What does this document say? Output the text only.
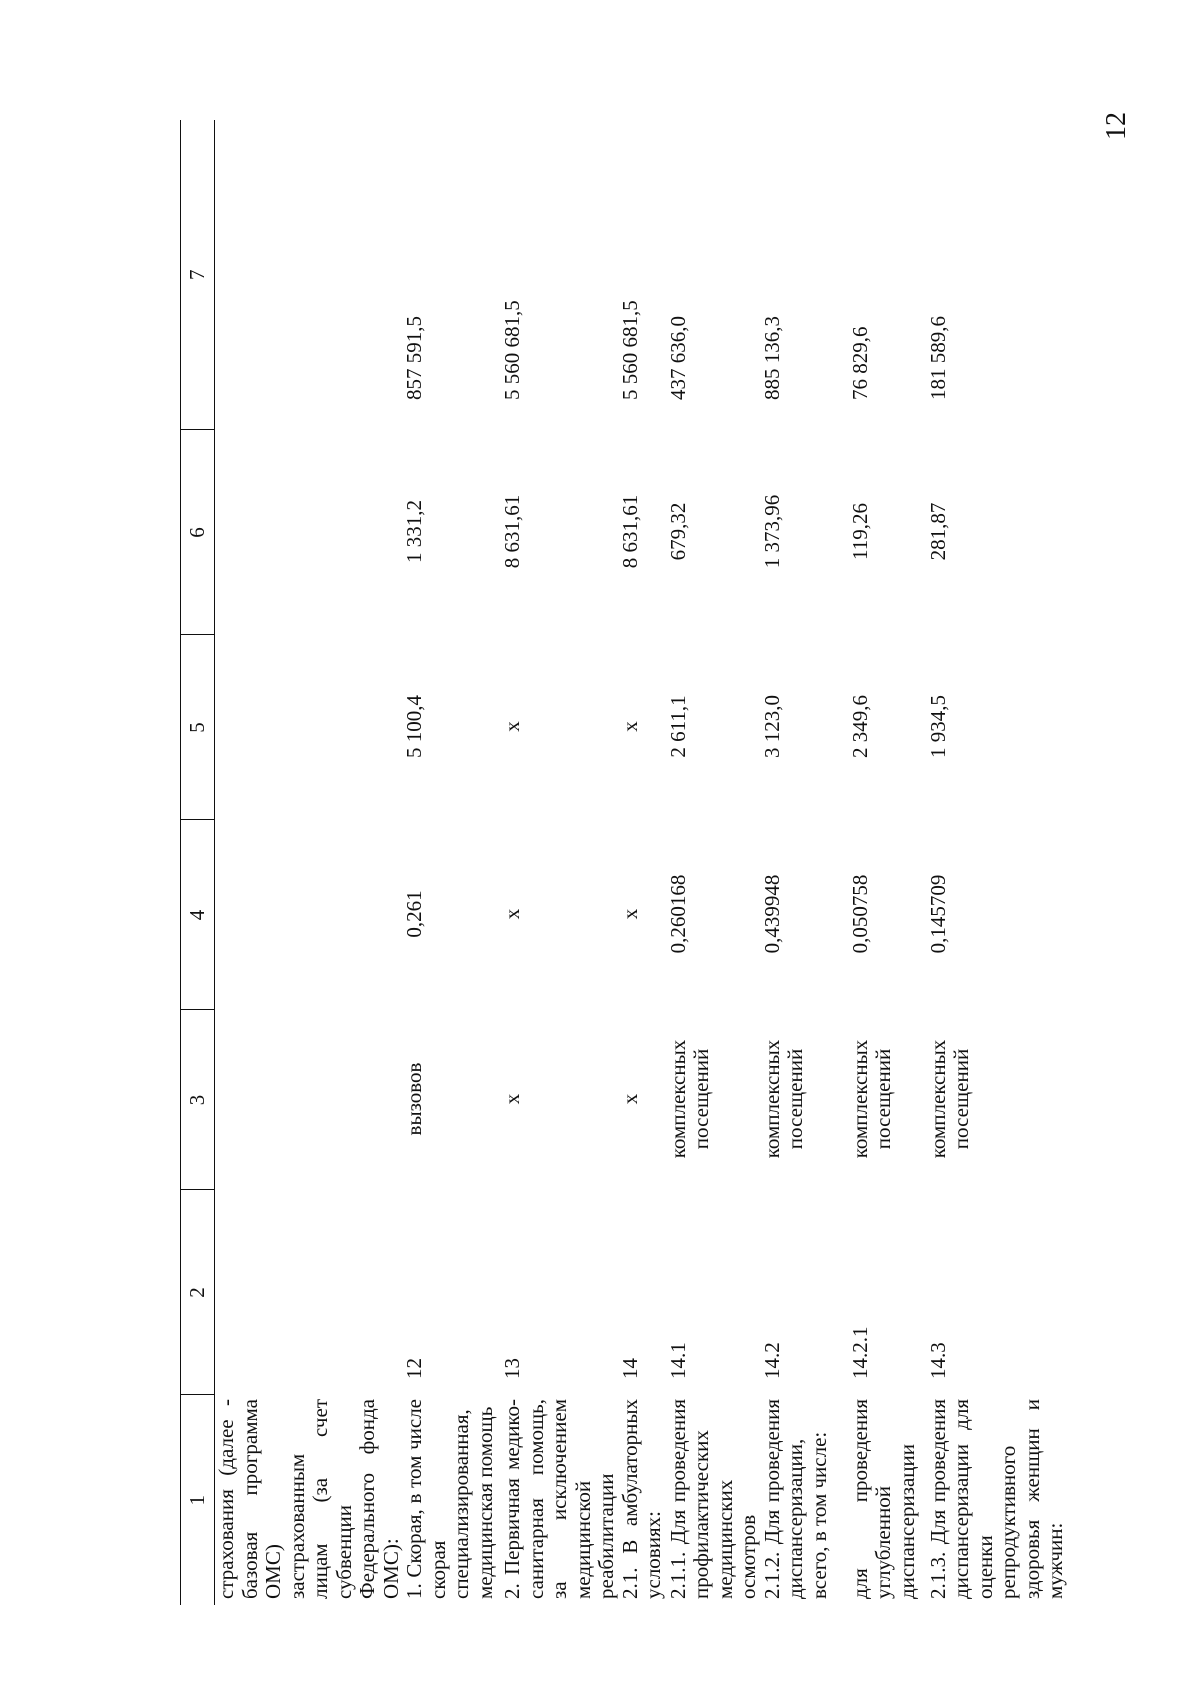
12
1	2	3	4	5	6	7
страхования (далее - базовая программа ОМС) застрахованным лицам (за счет субвенции Федерального фонда ОМС):						
1. Скорая, в том числе скорая специализированная, медицинская помощь	12	вызовов	0,261	5 100,4	1 331,2	857 591,5
2. Первичная медико-санитарная помощь, за исключением медицинской реабилитации	13	х	х	х	8 631,61	5 560 681,5
2.1. В амбулаторных условиях:	14	х	х	х	8 631,61	5 560 681,5
2.1.1. Для проведения профилактических медицинских осмотров	14.1	комплексных посещений	0,260168	2 611,1	679,32	437 636,0
2.1.2. Для проведения диспансеризации, всего, в том числе:	14.2	комплексных посещений	0,439948	3 123,0	1 373,96	885 136,3
для проведения углубленной диспансеризации	14.2.1	комплексных посещений	0,050758	2 349,6	119,26	76 829,6
2.1.3. Для проведения диспансеризации для оценки репродуктивного здоровья женщин и мужчин:	14.3	комплексных посещений	0,145709	1 934,5	281,87	181 589,6
